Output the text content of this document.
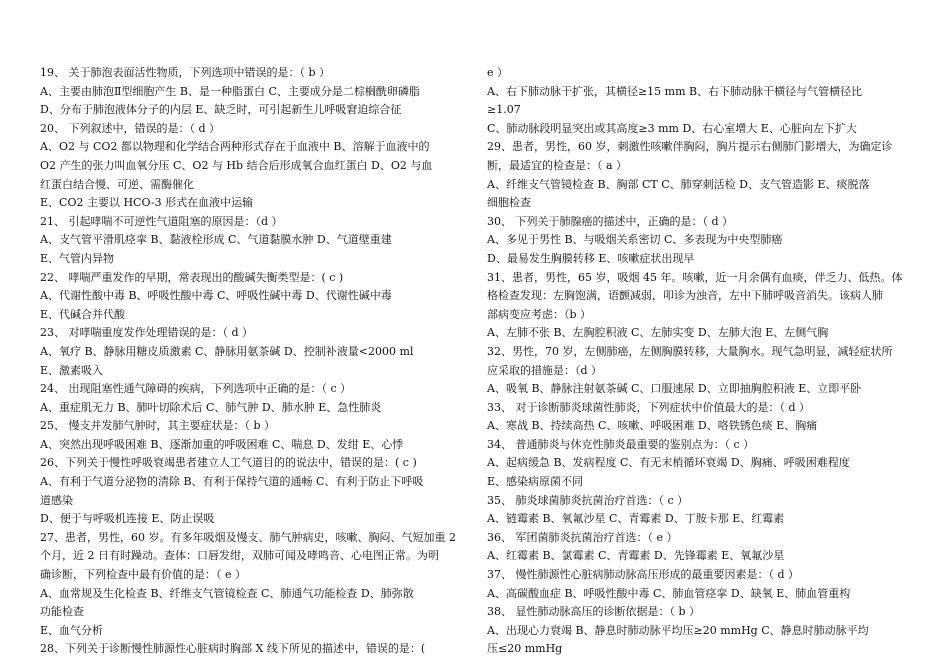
19、 关于肺泡表面活性物质，下列选项中错误的是：（ b ）
A、主要由肺泡Ⅱ型细胞产生 B、是一种脂蛋白 C、主要成分是二棕榈酰卵磷脂
D、分布于肺泡液体分子的内层 E、缺乏时，可引起新生儿呼吸窘迫综合征
20、 下列叙述中，错误的是：（ d ）
A、O2 与 CO2 都以物理和化学结合两种形式存在于血液中 B、溶解于血液中的
O2 产生的张力叫血氧分压 C、O2 与 Hb 结合后形成氧合血红蛋白 D、O2 与血
红蛋白结合慢、可逆、需酶催化
E、CO2 主要以 HCO-3 形式在血液中运输
21、 引起哮喘不可逆性气道阻塞的原因是：（d ）
A、支气管平滑肌痉挛 B、黏液栓形成 C、气道黏膜水肿 D、气道壁重建
E、气管内异物
22、 哮喘严重发作的早期，常表现出的酸碱失衡类型是：( c )
A、代谢性酸中毒 B、呼吸性酸中毒 C、呼吸性碱中毒 D、代谢性碱中毒
E、代碱合并代酸
23、 对哮喘重度发作处理错误的是：（ d ）
A、氧疗 B、静脉用糖皮质激素 C、静脉用氨茶碱 D、控制补液量<2000 ml
E、激素吸入
24、 出现阻塞性通气障碍的疾病，下列选项中正确的是：（ c ）
A、重症肌无力 B、肺叶切除术后 C、肺气肿 D、肺水肿 E、急性肺炎
25、 慢支并发肺气肿时，其主要症状是：（ b ）
A、突然出现呼吸困难 B、逐渐加重的呼吸困难 C、喘息 D、发绀 E、心悸
26、下列关于慢性呼吸衰竭患者建立人工气道目的的说法中，错误的是：( c )
A、有利于气道分泌物的清除 B、有利于保持气道的通畅 C、有利于防止下呼吸
道感染
D、便于与呼吸机连接 E、防止误吸
27、患者，男性，60 岁。有多年吸烟及慢支、肺气肿病史，咳嗽、胸闷、气短加重 2
个月，近 2 日有时躁动。查体：口唇发绀，双肺可闻及哮鸣音、心电图正常。为明
确诊断，下列检查中最有价值的是：（ e ）
A、血常规及生化检查 B、纤维支气管镜检查 C、肺通气功能检查 D、肺弥散
功能检查
E、血气分析
28、下列关于诊断慢性肺源性心脏病时胸部 X 线下所见的描述中，错误的是：(
e ）
A、右下肺动脉干扩张，其横径≥15 mm B、右下肺动脉干横径与气管横径比
≥1.07
C、肺动脉段明显突出或其高度≥3 mm D、右心室增大 E、心脏向左下扩大
29、患者，男性，60 岁，刺激性咳嗽伴胸闷，胸片提示右侧肺门影增大，为确定诊
断，最适宜的检查是：（ a ）
A、纤维支气管镜检查 B、胸部 CT C、肺穿刺活检 D、支气管造影 E、痰脱落
细胞检查
30、 下列关于肺腺癌的描述中，正确的是：（ d ）
A、多见于男性 B、与吸烟关系密切 C、多表现为中央型肺癌
D、最易发生胸膜转移 E、咳嗽症状出现早
31、患者，男性，65 岁，吸烟 45 年。咳嗽，近一月余偶有血痰，伴乏力、低热。体
格检查发现：左胸饱满，语颤减弱，叩诊为浊音，左中下肺呼吸音消失。该病人肺
部病变应考虑：（b ）
A、左肺不张 B、左胸腔积液 C、左肺实变 D、左肺大泡 E、左侧气胸
32、男性，70 岁，左侧肺癌，左侧胸膜转移，大量胸水。现气急明显，减轻症状所
应采取的措施是：（d ）
A、吸氧 B、静脉注射氨茶碱 C、口服速尿 D、立即抽胸腔积液 E、立即平卧
33、 对于诊断肺炎球菌性肺炎，下列症状中价值最大的是：（ d ）
A、寒战 B、持续高热 C、咳嗽、呼吸困难 D、咯铁锈色痰 E、胸痛
34、 普通肺炎与休克性肺炎最重要的鉴别点为：（ c ）
A、起病缓急 B、发病程度 C、有无末梢循环衰竭 D、胸痛、呼吸困难程度
E、感染病原菌不同
35、 肺炎球菌肺炎抗菌治疗首选：（ c ）
A、链霉素 B、氧氟沙星 C、青霉素 D、丁胺卡那 E、红霉素
36、 军团菌肺炎抗菌治疗首选：（ e ）
A、红霉素 B、氯霉素 C、青霉素 D、先锋霉素 E、氧氟沙星
37、 慢性肺源性心脏病肺动脉高压形成的最重要因素是：（ d ）
A、高碳酸血症 B、呼吸性酸中毒 C、肺血管痉挛 D、缺氧 E、肺血管重构
38、 显性肺动脉高压的诊断依据是：（ b ）
A、出现心力衰竭 B、静息时肺动脉平均压≥20 mmHg C、静息时肺动脉平均
压≤20 mmHg
